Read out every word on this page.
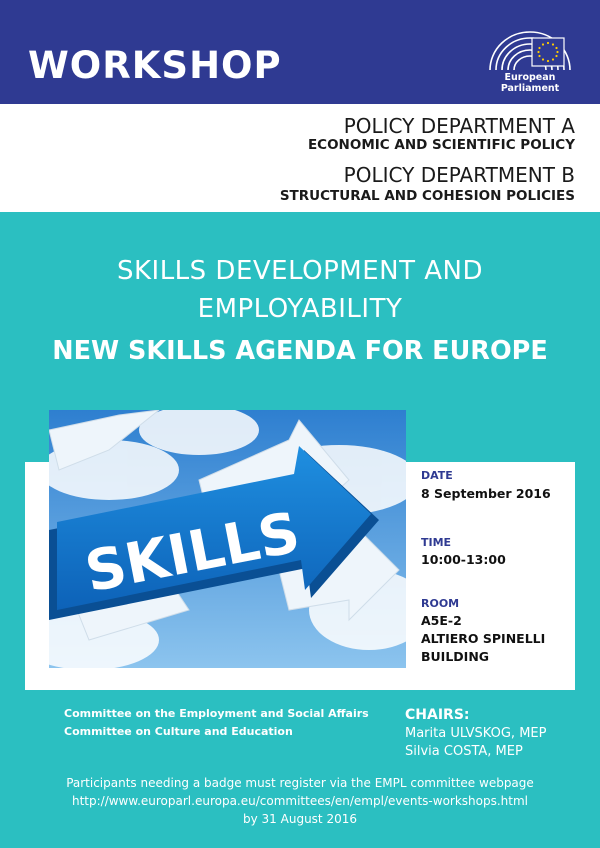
WORKSHOP	European Parliament
POLICY DEPARTMENT A
ECONOMIC AND SCIENTIFIC POLICY
POLICY DEPARTMENT B
STRUCTURAL AND COHESION POLICIES
SKILLS DEVELOPMENT AND
EMPLOYABILITY
NEW SKILLS AGENDA FOR EUROPE
SKILLS
DATE
8 September 2016
TIME
10:00-13:00
ROOM
A5E-2
ALTIERO SPINELLI
BUILDING
Committee on the Employment and Social Affairs
Committee on Culture and Education
CHAIRS:
Marita ULVSKOG, MEP
Silvia COSTA, MEP
Participants needing a badge must register via the EMPL committee webpage
http://www.europarl.europa.eu/committees/en/empl/events-workshops.html
by 31 August 2016
